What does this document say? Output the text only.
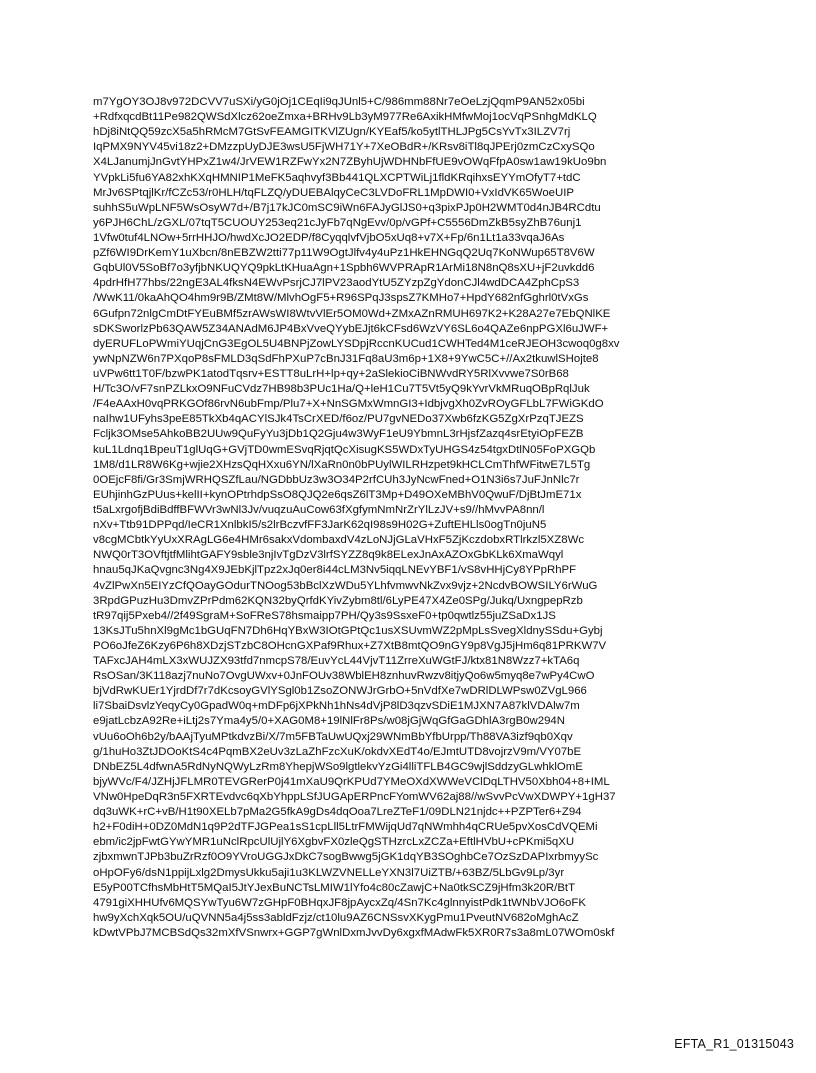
m7YgOY3OJ8v972DCVV7uSXi/yG0jOj1CEqIi9qJUnl5+C/986mm88Nr7eOeLzjQqmP9AN52x05bi
+RdfxqcdBt11Pe982QWSdXlcz62oeZmxa+BRHv9Lb3yM977Re6AxikHMfwMoj1ocVqPSnhgMdKLQ
hDj8iNtQQ59zcX5a5hRMcM7GtSvFEAMGITKVlZUgn/KYEaf5/ko5ytlTHLJPg5CsYvTx3ILZV7rj
IqPMX9NYV45vi18z2+DMzzpUyDJE3wsU5FjWH71Y+7XeOBdR+/KRsv8iTl8qJPErj0zmCzCxySQo
X4LJanumjJnGvtYHPxZ1w4/JrVEW1RZFwYx2N7ZByhUjWDHNbFfUE9vOWqFfpA0sw1aw19kUo9bn
YVpkLi5fu6YA82xhKXqHMNIP1MeFK5aqhvyf3Bb441QLXCPTWiLj1fldKRqihxsEYYmOfyT7+tdC
MrJv6SPtqjlKr/fCZc53/r0HLH/tqFLZQ/yDUEBAlqyCeC3LVDoFRL1MpDWI0+VxIdVK65WoeUIP
suhhS5uWpLNF5WsOsyW7d+/B7j17kJC0mSC9iWn6FAJyGlJS0+q3pixPJp0H2WMT0d4nJB4RCdtu
y6PJH6ChL/zGXL/07tqT5CUOUY253eq21cJyFb7qNgEvv/0p/vGPf+C5556DmZkB5syZhB76unj1
1Vfw0tuf4LNOw+5rrHHJO/hwdXcJO2EDP/f8CyqqlvfVjbO5xUq8+v7X+Fp/6n1Lt1a33vqaJ6As
pZf6WI9DrKemY1uXbcn/8nEBZW2tti77p11W9OgtJlfv4y4uPz1HkEHNGqQ2Uq7KoNWup65T8V6W
GqbUl0V5SoBf7o3yfjbNKUQYQ9pkLtKHuaAgn+1Spbh6WVPRApR1ArMi18N8nQ8sXU+jF2uvkdd6
4pdrHfH77hbs/22ngE3AL4fksN4EWvPsrjCJ7lPV23aodYtU5ZYzpZgYdonCJl4wdDCA4ZphCpS3
/WwK11/0kaAhQO4hm9r9B/ZMt8W/MlvhOgF5+R96SPqJ3spsZ7KMHo7+HpdY682nfGghrl0tVxGs
6Gufpn72nlgCmDtFYEuBMf5zrAWsWI8WtvVlEr5OM0Wd+ZMxAZnRMUH697K2+K28A27e7EbQNlKE
sDKSworlzPb63QAW5Z34ANAdM6JP4BxVveQYybEJjt6kCFsd6WzVY6SL6o4QAZe6npPGXl6uJWF+
dyERUFLoPWmiYUqjCnG3EgOL5U4BNPjZowLYSDpjRccnKUCud1CWHTed4M1ceRJEOH3cwoq0g8xv
ywNpNZW6n7PXqoP8sFMLD3qSdFhPXuP7cBnJ31Fq8aU3m6p+1X8+9YwC5C+//Ax2tkuwlSHojte8
uVPw6tt1T0F/bzwPK1atodTqsrv+ESTT8uLrH+lp+qy+2aSlekioCiBNWvdRY5RlXvvwe7S0rB68
H/Tc3O/vF7snPZLkxO9NFuCVdz7HB98b3PUc1Ha/Q+leH1Cu7T5Vt5yQ9kYvrVkMRuqOBpRqlJuk
/F4eAAxH0vqPRKGOf86rvN6ubFmp/Plu7+X+NnSGMxWmnGI3+IdbjvgXh0ZvROyGFLbL7FWiGKdO
naIhw1UFyhs3peE85TkXb4qACYlSJk4TsCrXED/f6oz/PU7gvNEDo37Xwb6fzKG5ZgXrPzqTJEZS
Fcljk3OMse5AhkoBB2UUw9QuFyYu3jDb1Q2Gju4w3WyF1eU9YbmnL3rHjsfZazq4srEtyiOpFEZB
kuL1Ldnq1BpeuT1glUqG+GVjTD0wmESvqRjqtQcXisugKS5WDxTyUHGS4z54tgxDtlN05FoPXGQb
1M8/d1LR8W6Kg+wjie2XHzsQqHXxu6YN/lXaRn0n0bPUylWILRHzpet9kHCLCmThfWFitwE7L5Tg
0OEjcF8fi/Gr3SmjWRHQSZfLau/NGDbbUz3w3O34P2rfCUh3JyNcwFned+O1N3i6s7JuFJnNlc7r
EUhjinhGzPUus+kelII+kynOPtrhdpSsO8QJQ2e6qsZ6lT3Mp+D49OXeMBhV0QwuF/DjBtJmE71x
t5aLxrgofjBdiBdffBFWVr3wNl3Jv/vuqzuAuCow63fXgfymNmNrZrYlLzJV+s9//hMvvPA8nn/l
nXv+Ttb91DPPqd/IeCR1XnlbkI5/s2lrBczvfFF3JarK62qI98s9H02G+ZuftEHLls0ogTn0juN5
v8cgMCbtkYyUxXRAgLG6e4HMr6sakxVdombaxdV4zLoNJjGLaVHxF5ZjKczdobxRTlrkzl5XZ8Wc
NWQ0rT3OVftjtfMlihtGAFY9sble3njIvTgDzV3lrfSYZZ8q9k8ELexJnAxAZOxGbKLk6XmaWqyl
hnau5qJKaQvgnc3Ng4X9JEbKjlTpz2xJq0er8i44cLM3Nv5iqqLNEvYBF1/vS8vHHjCy8YPpRhPF
4vZlPwXn5EIYzCfQOayGOdurTNOog53bBclXzWDu5YLhfvmwvNkZvx9vjz+2NcdvBOWSILY6rWuG
3RpdGPuzHu3DmvZPrPdm62KQN32byQrfdKYivZybm8tl/6LyPE47X4Ze0SPg/Jukq/UxngpepRzb
tR97qij5Pxeb4//2f49SgraM+SoFReS78hsmaipp7PH/Qy3s9SsxeF0+tp0qwtlz55juZSaDx1JS
13KsJTu5hnXl9gMc1bGUqFN7Dh6HqYBxW3IOtGPtQc1usXSUvmWZ2pMpLsSvegXldnySSdu+Gybj
PO6oJfeZ6Kzy6P6h8XDzjSTzbC8OHcnGXPaf9Rhux+Z7XtB8mtQO9nGY9p8VgJ5jHm6q81PRKW7V
TAFxcJAH4mLX3xWUJZX93tfd7nmcpS78/EuvYcL44VjvT11ZrreXuWGtFJ/ktx81N8Wzz7+kTA6q
RsOSan/3K118azj7nuNo7OvgUWxv+0JnFOUv38WblEH8znhuvRwzv8itjyQo6w5myq8e7wPy4CwO
bjVdRwKUEr1YjrdDf7r7dKcsoyGVlYSgl0b1ZsoZONWJrGrbO+5nVdfXe7wDRlDLWPsw0ZVgL966
li7SbaiDsvlzYeqyCy0GpadW0q+mDFp6jXPkNh1hNs4dVjP8lD3qzvSDiE1MJXN7A87klVDAlw7m
e9jatLcbzA92Re+iLtj2s7Yma4y5/0+XAG0M8+19lNlFr8Ps/w08jGjWqGfGaGDhlA3rgB0w294N
vUu6oOh6b2y/bAAjTyuMPtkdvzBi/X/7m5FBTaUwUQxj29WNmBbYfbUrpp/Th88VA3izf9qb0Xqv
g/1huHo3ZtJDOoKtS4c4PqmBX2eUv3zLaZhFzcXuK/okdvXEdT4o/EJmtUTD8vojrzV9m/VY07bE
DNbEZ5L4dfwnA5RdNyNQWyLzRm8YhepjWSo9lgtlekvYzGi4lliTFLB4GC9wjlSddzyGLwhklOmE
bjyWVc/F4/JZHjJFLMR0TEVGRerP0j41mXaU9QrKPUd7YMeOXdXWWeVClDqLTHV50Xbh04+8+IML
VNw0HpeDqR3n5FXRTEvdvc6qXbYhppLSfJUGApERPncFYomWV62aj88//wSvvPcVwXDWPY+1gH37
dq3uWK+rC+vB/H1t90XELb7pMa2G5fkA9gDs4dqOoa7LreZTeF1/09DLN21njdc++PZPTer6+Z94
h2+F0diH+0DZ0MdN1q9P2dTFJGPea1sS1cpLll5LtrFMWijqUd7qNWmhh4qCRUe5pvXosCdVQEMi
ebm/ic2jpFwtGYwYMR1uNclRpcUlUjlY6XgbvFX0zleQgSTHzrcLxZCZa+EftlHVbU+cPKmi5qXU
zjbxmwnTJPb3buZrRzf0O9YVroUGGJxDkC7sogBwwg5jGK1dqYB3SOghbCe7OzSzDAPIxrbmyySc
oHpOFy6/dsN1ppijLxlg2DmysUkku5aji1u3KLWZVNELLeYXN3l7UiZTB/+63BZ/5LbGv9Lp/3yr
E5yP00TCfhsMbHtT5MQaI5JtYJexBuNCTsLMIW1lYfo4c80cZawjC+Na0tkSCZ9jHfm3k20R/BtT
4791giXHHUfv6MQSYwTyu6W7zGHpF0BHqxJF8jpAycxZq/4Sn7Kc4glnnyistPdk1tWNbVJO6oFK
hw9yXchXqk5OU/uQVNN5a4j5ss3abldFzjz/ct10lu9AZ6CNSsvXKygPmu1PveutNV682oMghAcZ
kDwtVPbJ7MCBSdQs32mXfVSnwrx+GGP7gWnlDxmJvvDy6xgxfMAdwFk5XR0R7s3a8mL07WOm0skf
EFTA_R1_01315043
